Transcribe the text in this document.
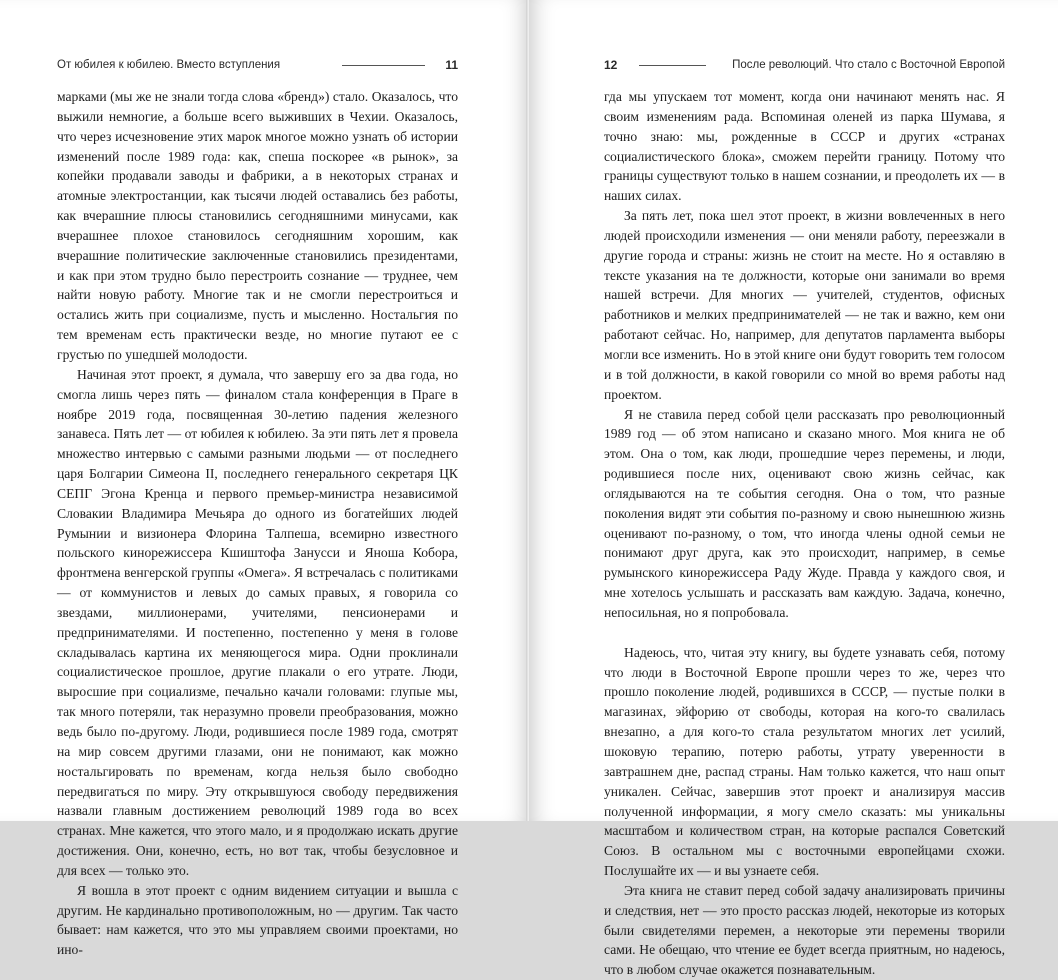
От юбилея к юбилею. Вместо вступления	11

марками (мы же не знали тогда слова «бренд») стало. Оказалось, что выжили немногие, а больше всего выживших в Чехии. Оказалось, что через исчезновение этих марок многое можно узнать об истории изменений после 1989 года: как, спеша поскорее «в рынок», за копейки продавали заводы и фабрики, а в некоторых странах и атомные электростанции, как тысячи людей оставались без работы, как вчерашние плюсы становились сегодняшними минусами, как вчерашнее плохое становилось сегодняшним хорошим, как вчерашние политические заключенные становились президентами, и как при этом трудно было перестроить сознание — труднее, чем найти новую работу. Многие так и не смогли перестроиться и остались жить при социализме, пусть и мысленно. Ностальгия по тем временам есть практически везде, но многие путают ее с грустью по ушедшей молодости.

Начиная этот проект, я думала, что завершу его за два года, но смогла лишь через пять — финалом стала конференция в Праге в ноябре 2019 года, посвященная 30-летию падения железного занавеса. Пять лет — от юбилея к юбилею. За эти пять лет я провела множество интервью с самыми разными людьми — от последнего царя Болгарии Симеона II, последнего генерального секретаря ЦК СЕПГ Эгона Кренца и первого премьер-министра независимой Словакии Владимира Мечьяра до одного из богатейших людей Румынии и визионера Флорина Талпеша, всемирно известного польского кинорежиссера Кшиштофа Занусси и Яноша Кобора, фронтмена венгерской группы «Омега». Я встречалась с политиками — от коммунистов и левых до самых правых, я говорила со звездами, миллионерами, учителями, пенсионерами и предпринимателями. И постепенно, постепенно у меня в голове складывалась картина их меняющегося мира. Одни проклинали социалистическое прошлое, другие плакали о его утрате. Люди, выросшие при социализме, печально качали головами: глупые мы, так много потеряли, так неразумно провели преобразования, можно ведь было по-другому. Люди, родившиеся после 1989 года, смотрят на мир совсем другими глазами, они не понимают, как можно ностальгировать по временам, когда нельзя было свободно передвигаться по миру. Эту открывшуюся свободу передвижения назвали главным достижением революций 1989 года во всех странах. Мне кажется, что этого мало, и я продолжаю искать другие достижения. Они, конечно, есть, но вот так, чтобы безусловное и для всех — только это.

Я вошла в этот проект с одним видением ситуации и вышла с другим. Не кардинально противоположным, но — другим. Так часто бывает: нам кажется, что это мы управляем своими проектами, но ино-

12	После революций. Что стало с Восточной Европой

гда мы упускаем тот момент, когда они начинают менять нас. Я своим изменениям рада. Вспоминая оленей из парка Шумава, я точно знаю: мы, рожденные в СССР и других «странах социалистического блока», сможем перейти границу. Потому что границы существуют только в нашем сознании, и преодолеть их — в наших силах.

За пять лет, пока шел этот проект, в жизни вовлеченных в него людей происходили изменения — они меняли работу, переезжали в другие города и страны: жизнь не стоит на месте. Но я оставляю в тексте указания на те должности, которые они занимали во время нашей встречи. Для многих — учителей, студентов, офисных работников и мелких предпринимателей — не так и важно, кем они работают сейчас. Но, например, для депутатов парламента выборы могли все изменить. Но в этой книге они будут говорить тем голосом и в той должности, в какой говорили со мной во время работы над проектом.

Я не ставила перед собой цели рассказать про революционный 1989 год — об этом написано и сказано много. Моя книга не об этом. Она о том, как люди, прошедшие через перемены, и люди, родившиеся после них, оценивают свою жизнь сейчас, как оглядываются на те события сегодня. Она о том, что разные поколения видят эти события по-разному и свою нынешнюю жизнь оценивают по-разному, о том, что иногда члены одной семьи не понимают друг друга, как это происходит, например, в семье румынского кинорежиссера Раду Жуде. Правда у каждого своя, и мне хотелось услышать и рассказать вам каждую. Задача, конечно, непосильная, но я попробовала.

Надеюсь, что, читая эту книгу, вы будете узнавать себя, потому что люди в Восточной Европе прошли через то же, через что прошло поколение людей, родившихся в СССР, — пустые полки в магазинах, эйфорию от свободы, которая на кого-то свалилась внезапно, а для кого-то стала результатом многих лет усилий, шоковую терапию, потерю работы, утрату уверенности в завтрашнем дне, распад страны. Нам только кажется, что наш опыт уникален. Сейчас, завершив этот проект и анализируя массив полученной информации, я могу смело сказать: мы уникальны масштабом и количеством стран, на которые распался Советский Союз. В остальном мы с восточными европейцами схожи. Послушайте их — и вы узнаете себя.

Эта книга не ставит перед собой задачу анализировать причины и следствия, нет — это просто рассказ людей, некоторые из которых были свидетелями перемен, а некоторые эти перемены творили сами. Не обещаю, что чтение ее будет всегда приятным, но надеюсь, что в любом случае окажется познавательным.
